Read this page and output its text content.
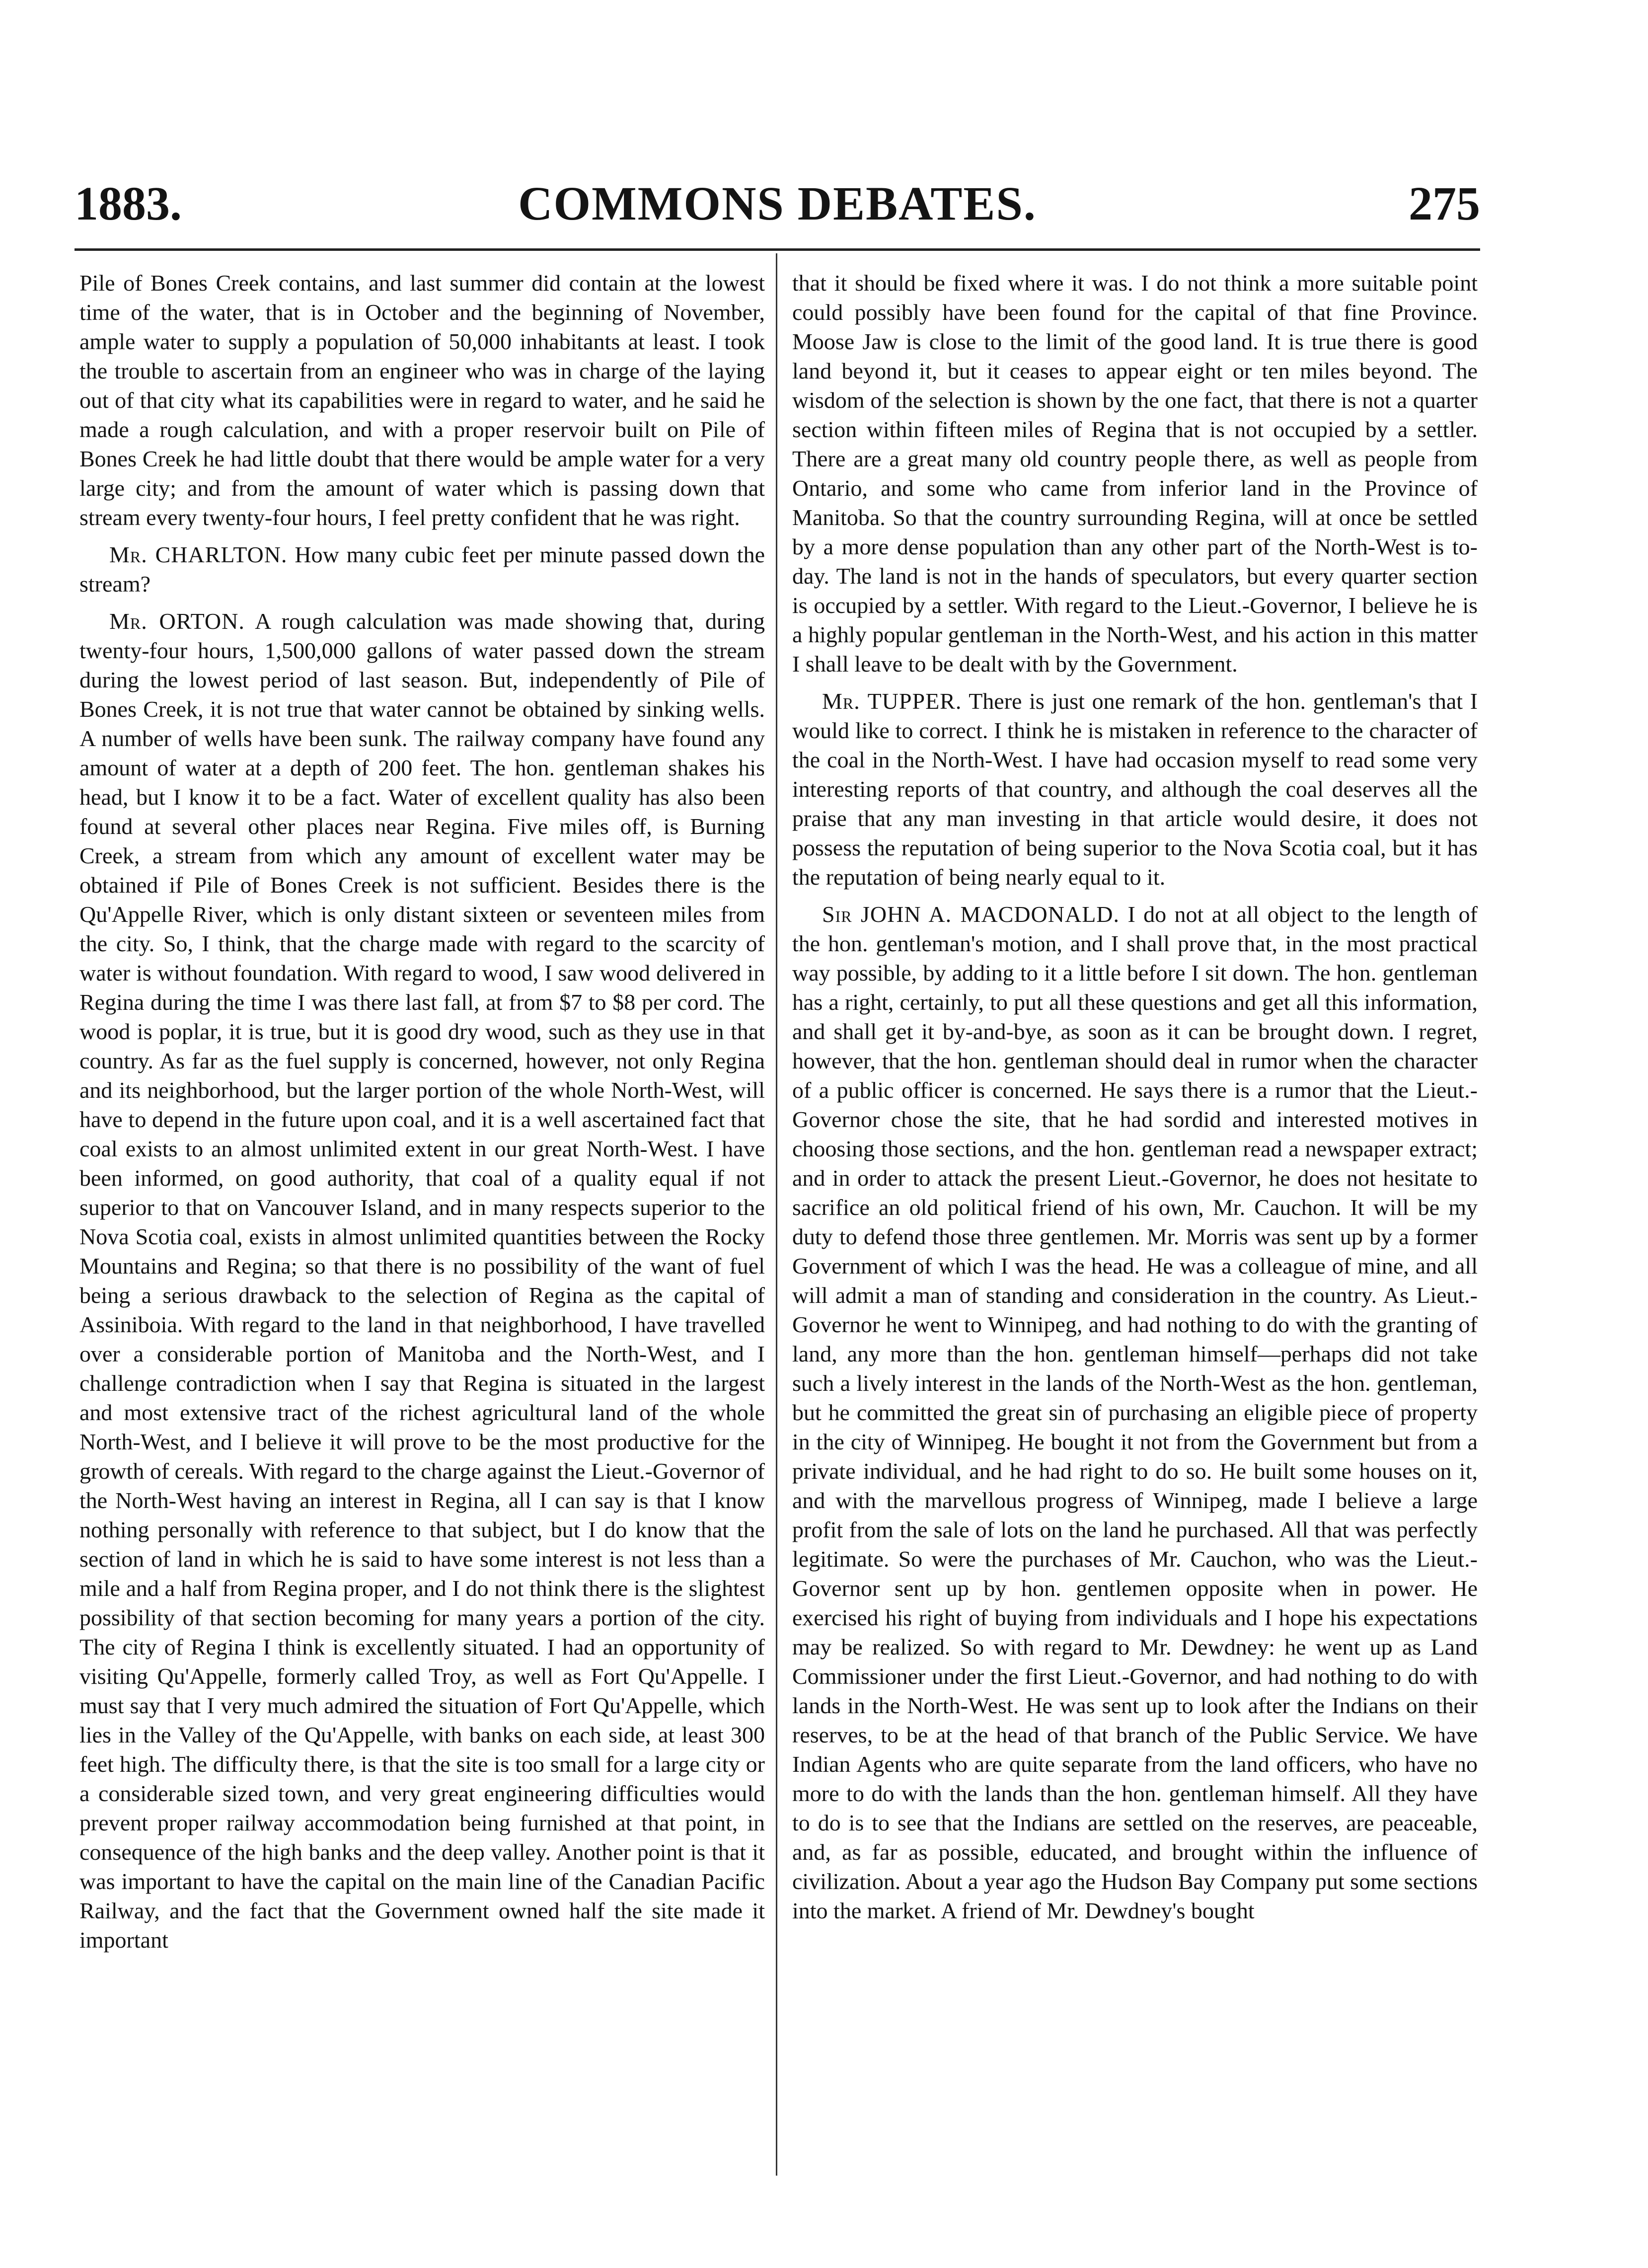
1883.	COMMONS DEBATES.	275

Pile of Bones Creek contains, and last summer did contain at the lowest time of the water, that is in October and the beginning of November, ample water to supply a population of 50,000 inhabitants at least. I took the trouble to ascertain from an engineer who was in charge of the laying out of that city what its capabilities were in regard to water, and he said he made a rough calculation, and with a proper reservoir built on Pile of Bones Creek he had little doubt that there would be ample water for a very large city; and from the amount of water which is passing down that stream every twenty-four hours, I feel pretty confident that he was right.

Mr. CHARLTON. How many cubic feet per minute passed down the stream?

Mr. ORTON. A rough calculation was made showing that, during twenty-four hours, 1,500,000 gallons of water passed down the stream during the lowest period of last season. But, independently of Pile of Bones Creek, it is not true that water cannot be obtained by sinking wells. A number of wells have been sunk. The railway company have found any amount of water at a depth of 200 feet. The hon. gentleman shakes his head, but I know it to be a fact. Water of excellent quality has also been found at several other places near Regina. Five miles off, is Burning Creek, a stream from which any amount of excellent water may be obtained if Pile of Bones Creek is not sufficient. Besides there is the Qu'Appelle River, which is only distant sixteen or seventeen miles from the city. So, I think, that the charge made with regard to the scarcity of water is without foundation. With regard to wood, I saw wood delivered in Regina during the time I was there last fall, at from $7 to $8 per cord. The wood is poplar, it is true, but it is good dry wood, such as they use in that country. As far as the fuel supply is concerned, however, not only Regina and its neighborhood, but the larger portion of the whole North-West, will have to depend in the future upon coal, and it is a well ascertained fact that coal exists to an almost unlimited extent in our great North-West. I have been informed, on good authority, that coal of a quality equal if not superior to that on Vancouver Island, and in many respects superior to the Nova Scotia coal, exists in almost unlimited quantities between the Rocky Mountains and Regina; so that there is no possibility of the want of fuel being a serious drawback to the selection of Regina as the capital of Assiniboia. With regard to the land in that neighborhood, I have travelled over a considerable portion of Manitoba and the North-West, and I challenge contradiction when I say that Regina is situated in the largest and most extensive tract of the richest agricultural land of the whole North-West, and I believe it will prove to be the most productive for the growth of cereals. With regard to the charge against the Lieut.-Governor of the North-West having an interest in Regina, all I can say is that I know nothing personally with reference to that subject, but I do know that the section of land in which he is said to have some interest is not less than a mile and a half from Regina proper, and I do not think there is the slightest possibility of that section becoming for many years a portion of the city. The city of Regina I think is excellently situated. I had an opportunity of visiting Qu'Appelle, formerly called Troy, as well as Fort Qu'Appelle. I must say that I very much admired the situation of Fort Qu'Appelle, which lies in the Valley of the Qu'Appelle, with banks on each side, at least 300 feet high. The difficulty there, is that the site is too small for a large city or a considerable sized town, and very great engineering difficulties would prevent proper railway accommodation being furnished at that point, in consequence of the high banks and the deep valley. Another point is that it was important to have the capital on the main line of the Canadian Pacific Railway, and the fact that the Government owned half the site made it important

that it should be fixed where it was. I do not think a more suitable point could possibly have been found for the capital of that fine Province. Moose Jaw is close to the limit of the good land. It is true there is good land beyond it, but it ceases to appear eight or ten miles beyond. The wisdom of the selection is shown by the one fact, that there is not a quarter section within fifteen miles of Regina that is not occupied by a settler. There are a great many old country people there, as well as people from Ontario, and some who came from inferior land in the Province of Manitoba. So that the country surrounding Regina, will at once be settled by a more dense population than any other part of the North-West is to-day. The land is not in the hands of speculators, but every quarter section is occupied by a settler. With regard to the Lieut.-Governor, I believe he is a highly popular gentleman in the North-West, and his action in this matter I shall leave to be dealt with by the Government.

Mr. TUPPER. There is just one remark of the hon. gentleman's that I would like to correct. I think he is mistaken in reference to the character of the coal in the North-West. I have had occasion myself to read some very interesting reports of that country, and although the coal deserves all the praise that any man investing in that article would desire, it does not possess the reputation of being superior to the Nova Scotia coal, but it has the reputation of being nearly equal to it.

Sir JOHN A. MACDONALD. I do not at all object to the length of the hon. gentleman's motion, and I shall prove that, in the most practical way possible, by adding to it a little before I sit down. The hon. gentleman has a right, certainly, to put all these questions and get all this information, and shall get it by-and-bye, as soon as it can be brought down. I regret, however, that the hon. gentleman should deal in rumor when the character of a public officer is concerned. He says there is a rumor that the Lieut.-Governor chose the site, that he had sordid and interested motives in choosing those sections, and the hon. gentleman read a newspaper extract; and in order to attack the present Lieut.-Governor, he does not hesitate to sacrifice an old political friend of his own, Mr. Cauchon. It will be my duty to defend those three gentlemen. Mr. Morris was sent up by a former Government of which I was the head. He was a colleague of mine, and all will admit a man of standing and consideration in the country. As Lieut.-Governor he went to Winnipeg, and had nothing to do with the granting of land, any more than the hon. gentleman himself—perhaps did not take such a lively interest in the lands of the North-West as the hon. gentleman, but he committed the great sin of purchasing an eligible piece of property in the city of Winnipeg. He bought it not from the Government but from a private individual, and he had right to do so. He built some houses on it, and with the marvellous progress of Winnipeg, made I believe a large profit from the sale of lots on the land he purchased. All that was perfectly legitimate. So were the purchases of Mr. Cauchon, who was the Lieut.-Governor sent up by hon. gentlemen opposite when in power. He exercised his right of buying from individuals and I hope his expectations may be realized. So with regard to Mr. Dewdney: he went up as Land Commissioner under the first Lieut.-Governor, and had nothing to do with lands in the North-West. He was sent up to look after the Indians on their reserves, to be at the head of that branch of the Public Service. We have Indian Agents who are quite separate from the land officers, who have no more to do with the lands than the hon. gentleman himself. All they have to do is to see that the Indians are settled on the reserves, are peaceable, and, as far as possible, educated, and brought within the influence of civilization. About a year ago the Hudson Bay Company put some sections into the market. A friend of Mr. Dewdney's bought
